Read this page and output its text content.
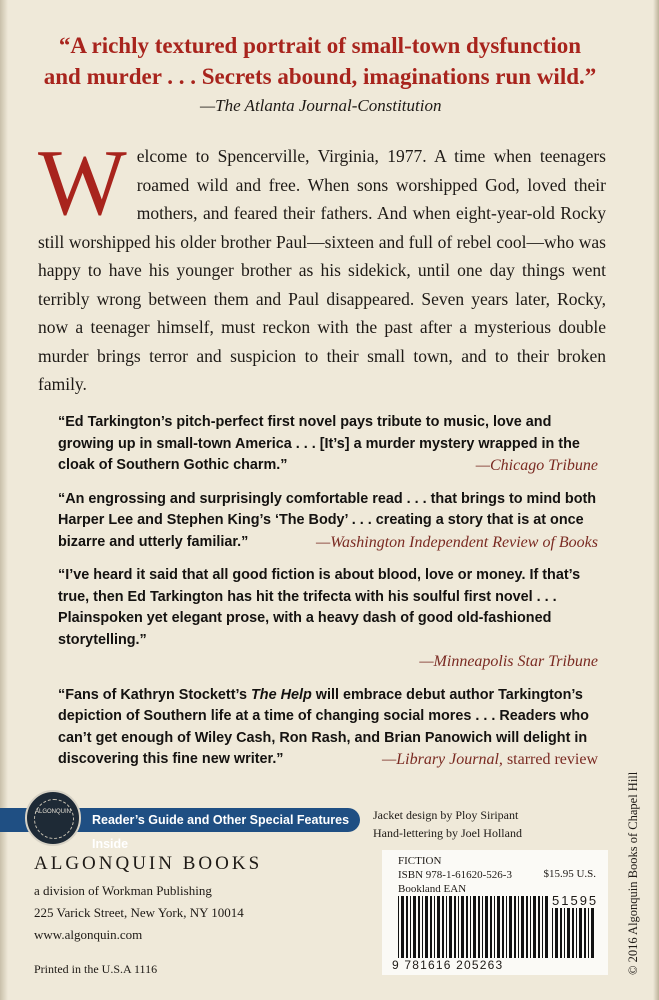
“A richly textured portrait of small-town dysfunction and murder . . . Secrets abound, imaginations run wild.”
—The Atlanta Journal-Constitution
Welcome to Spencerville, Virginia, 1977. A time when teenagers roamed wild and free. When sons worshipped God, loved their mothers, and feared their fathers. And when eight-year-old Rocky still worshipped his older brother Paul—sixteen and full of rebel cool—who was happy to have his younger brother as his sidekick, until one day things went terribly wrong between them and Paul disappeared. Seven years later, Rocky, now a teenager himself, must reckon with the past after a mysterious double murder brings terror and suspicion to their small town, and to their broken family.
“Ed Tarkington’s pitch-perfect first novel pays tribute to music, love and growing up in small-town America . . . [It’s] a murder mystery wrapped in the cloak of Southern Gothic charm.”	—Chicago Tribune
“An engrossing and surprisingly comfortable read . . . that brings to mind both Harper Lee and Stephen King’s ‘The Body’ . . . creating a story that is at once bizarre and utterly familiar.”	—Washington Independent Review of Books
“I’ve heard it said that all good fiction is about blood, love or money. If that’s true, then Ed Tarkington has hit the trifecta with his soulful first novel . . . Plainspoken yet elegant prose, with a heavy dash of good old-fashioned storytelling.”
—Minneapolis Star Tribune
“Fans of Kathryn Stockett’s The Help will embrace debut author Tarkington’s depiction of Southern life at a time of changing social mores . . . Readers who can’t get enough of Wiley Cash, Ron Rash, and Brian Panowich will delight in discovering this fine new writer.”	—Library Journal, starred review
Reader’s Guide and Other Special Features Inside
ALGONQUIN	Jacket design by Ploy Siripant
Hand-lettering by Joel Holland
ALGONQUIN BOOKS
a division of Workman Publishing
225 Varick Street, New York, NY 10014
www.algonquin.com
Printed in the U.S.A 1116
FICTION
ISBN 978-1-61620-526-3
Bookland EAN
$15.95 U.S.
51595
9 781616 205263	© 2016 Algonquin Books of Chapel Hill
